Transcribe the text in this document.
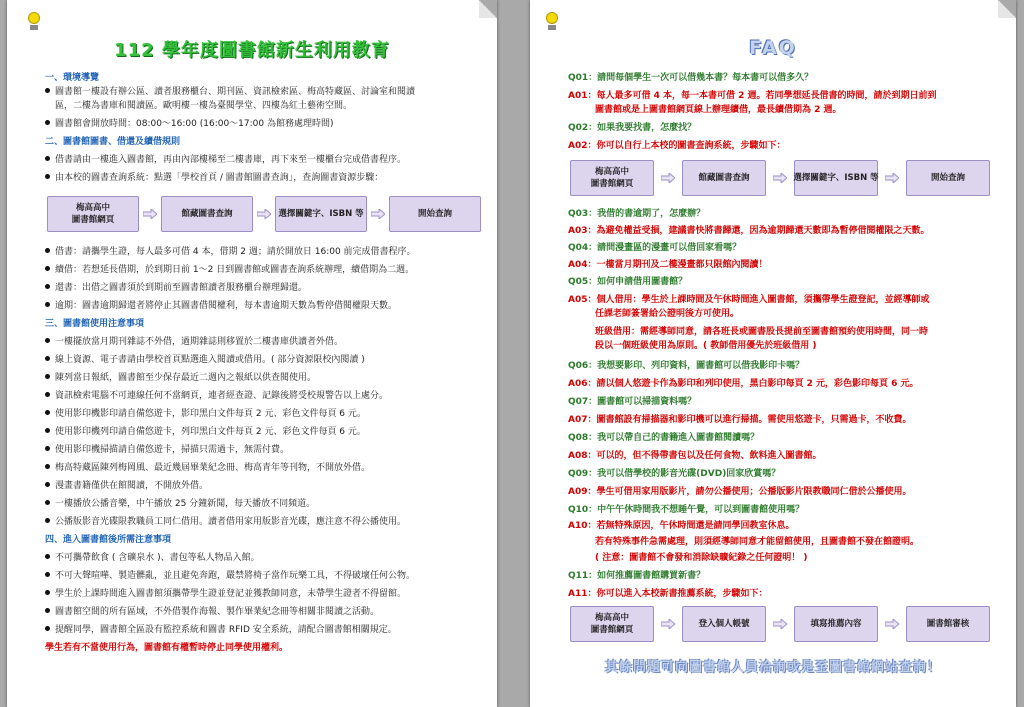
112 學年度圖書館新生利用教育
一、環境導覽
圖書館一樓設有辦公區、讀者服務櫃台、期刊區、資訊檢索區、梅高特藏區、討論室和閱讀
區，二樓為書庫和閱讀區。歐明樓一樓為臺閱學堂、四樓為紅土藝術空間。
圖書館會開放時間：08:00～16:00 (16:00～17:00 為館務處理時間)
二、圖書館圖書、借還及續借規則
借書請由一樓進入圖書館，再由內部樓梯至二樓書庫，再下來至一樓櫃台完成借書程序。
由本校的圖書查詢系統：點選「學校首頁 / 圖書館圖書查詢」，查詢圖書資源步驟：
借書：請攜學生證，每人最多可借 4 本，借期 2 週；請於開放日 16:00 前完成借書程序。
續借：若想延長借期，於到期日前 1～2 日到圖書館或圖書查詢系統辦理，續借期為二週。
還書：出借之圖書須於到期前至圖書館讀者服務櫃台辦理歸還。
逾期：圖書逾期歸還者將停止其圖書借閱權利，每本書逾期天數為暫停借閱權限天數。
三、圖書館使用注意事項
一樓擺放當月期刊雜誌不外借，過期雜誌則移置於二樓書庫供讀者外借。
線上資源、電子書請由學校首頁點選進入閱讀或借用。( 部分資源限校內閱讀 )
陳列當日報紙，圖書館至少保存最近二週內之報紙以供查閱使用。
資訊檢索電腦不可連線任何不當網頁，連者經查證、記錄後將受校規警告以上處分。
使用影印機影印請自備悠遊卡，影印黑白文件每頁 2 元、彩色文件每頁 6 元。
使用影印機列印請自備悠遊卡，列印黑白文件每頁 2 元、彩色文件每頁 6 元。
使用影印機掃描請自備悠遊卡，掃描只需過卡，無需付費。
梅高特藏區陳列梅岡風、最近幾屆畢業紀念冊、梅高青年等刊物，不開放外借。
漫畫書籍僅供在館閱讀，不開放外借。
一樓播放公播音樂，中午播放 25 分鐘新聞，每天播放不同頻道。
公播版影音光碟限教職員工同仁借用。讀者借用家用版影音光碟，應注意不得公播使用。
四、進入圖書館後所需注意事項
不可攜帶飲食 ( 含礦泉水 )、書包等私人物品入館。
不可大聲喧嘩、製造髒亂，並且避免奔跑，嚴禁將椅子當作玩樂工具，不得破壞任何公物。
學生於上課時間進入圖書館須攜帶學生證並登記並獲教師同意，未帶學生證者不得留館。
圖書館空間的所有區域，不外借製作海報、製作畢業紀念冊等相關非閱讀之活動。
提醒同學，圖書館全區設有監控系統和圖書 RFID 安全系統，請配合圖書館相關規定。
學生若有不當使用行為，圖書館有權暫時停止同學使用權利。
梅高高中
圖書館網頁
館藏圖書查詢	選擇關鍵字、ISBN 等	開始查詢
FAQ
其餘問題可向圖書館人員洽詢或是至圖書館網站查詢！
Q01：請問每個學生一次可以借幾本書？每本書可以借多久？
A01：每人最多可借 4 本，每一本書可借 2 週。若同學想延長借書的時間，請於到期日前到
　　　圖書館或是上圖書館網頁線上辦理續借，最長續借期為 2 週。
Q02：如果我要找書，怎麼找？
A02：你可以自行上本校的圖書查詢系統，步驟如下：
Q03：我借的書逾期了，怎麼辦？
A03：為避免權益受損，建議書快將書歸還，因為逾期歸還天數即為暫停借閱權限之天數。
Q04：請問漫畫區的漫畫可以借回家看嗎？
A04：一樓當月期刊及二樓漫畫都只限館內閱讀！
Q05：如何申請借用圖書館？
A05：個人借用：學生於上課時間及午休時間進入圖書館，須攜帶學生證登記，並經導師或
　　　任課老師簽署給公證明後方可使用。
　　　班級借用：需經導師同意，請各班長或圖書股長提前至圖書館預約使用時間，同一時
　　　段以一個班級使用為原則。( 教師借用優先於班級借用 )
Q06：我想要影印、列印資料，圖書館可以借我影印卡嗎？
A06：請以個人悠遊卡作為影印和列印使用，黑白影印每頁 2 元，彩色影印每頁 6 元。
Q07：圖書館可以掃描資料嗎？
A07：圖書館設有掃描器和影印機可以進行掃描。需使用悠遊卡，只需過卡，不收費。
Q08：我可以帶自己的書籍進入圖書館閱讀嗎？
A08：可以的，但不得帶書包以及任何食物、飲料進入圖書館。
Q09：我可以借學校的影音光碟(DVD)回家欣賞嗎？
A09：學生可借用家用版影片，請勿公播使用；公播版影片限教職同仁借於公播使用。
Q10：中午午休時間我不想睡午覺，可以到圖書館使用嗎？
A10：若無特殊原因，午休時間還是請同學回教室休息。
　　　若有特殊事件急需處理，則須經導師同意才能留館使用，且圖書館不發在館證明。
　　　( 注意：圖書館不會發和消除缺曠紀錄之任何證明！ )
Q11：如何推薦圖書館購買新書？
A11：你可以進入本校新書推薦系統，步驟如下：
梅高高中
圖書館網頁
館藏圖書查詢	選擇關鍵字、ISBN 等	開始查詢
梅高高中
圖書館網頁
登入個人帳號	填寫推薦內容	圖書館審核
